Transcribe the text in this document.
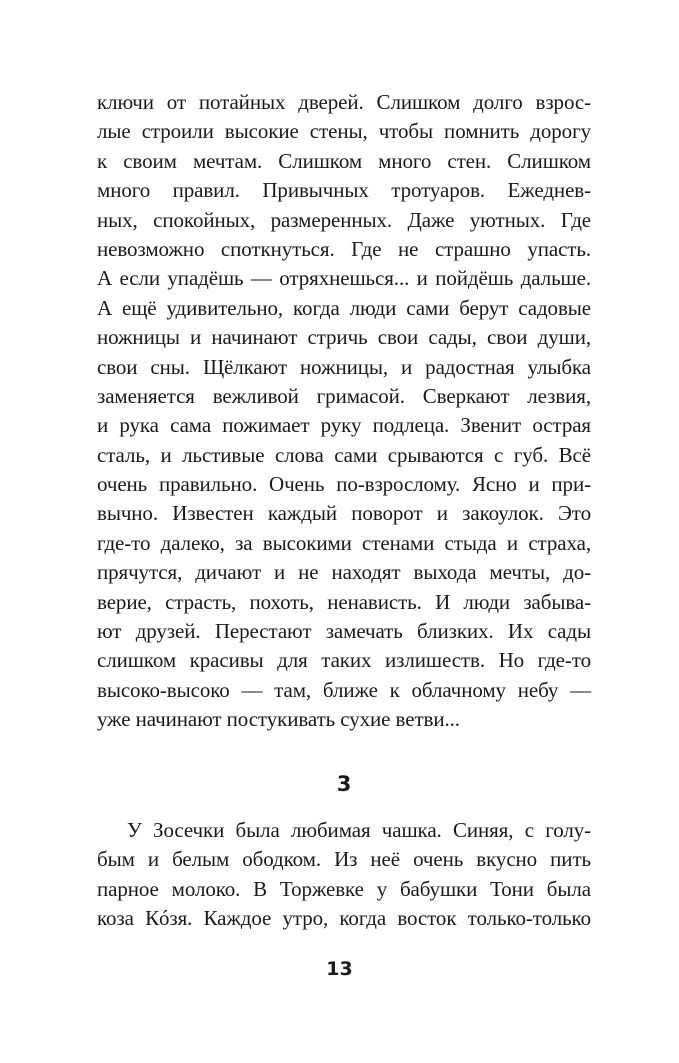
ключи от потайных дверей. Слишком долго взрос-
лые строили высокие стены, чтобы помнить дорогу
к своим мечтам. Слишком много стен. Слишком
много правил. Привычных тротуаров. Ежеднев-
ных, спокойных, размеренных. Даже уютных. Где
невозможно споткнуться. Где не страшно упасть.
А если упадёшь — отряхнешься... и пойдёшь дальше.
А ещё удивительно, когда люди сами берут садовые
ножницы и начинают стричь свои сады, свои души,
свои сны. Щёлкают ножницы, и радостная улыбка
заменяется вежливой гримасой. Сверкают лезвия,
и рука сама пожимает руку подлеца. Звенит острая
сталь, и льстивые слова сами срываются с губ. Всё
очень правильно. Очень по-взрослому. Ясно и при-
вычно. Известен каждый поворот и закоулок. Это
где-то далеко, за высокими стенами стыда и страха,
прячутся, дичают и не находят выхода мечты, до-
верие, страсть, похоть, ненависть. И люди забыва-
ют друзей. Перестают замечать близких. Их сады
слишком красивы для таких излишеств. Но где-то
высоко-высоко — там, ближе к облачному небу —
уже начинают постукивать сухие ветви...
3
У Зосечки была любимая чашка. Синяя, с голу-
бым и белым ободком. Из неё очень вкусно пить
парное молоко. В Торжевке у бабушки Тони была
коза Кóзя. Каждое утро, когда восток только-только
13
